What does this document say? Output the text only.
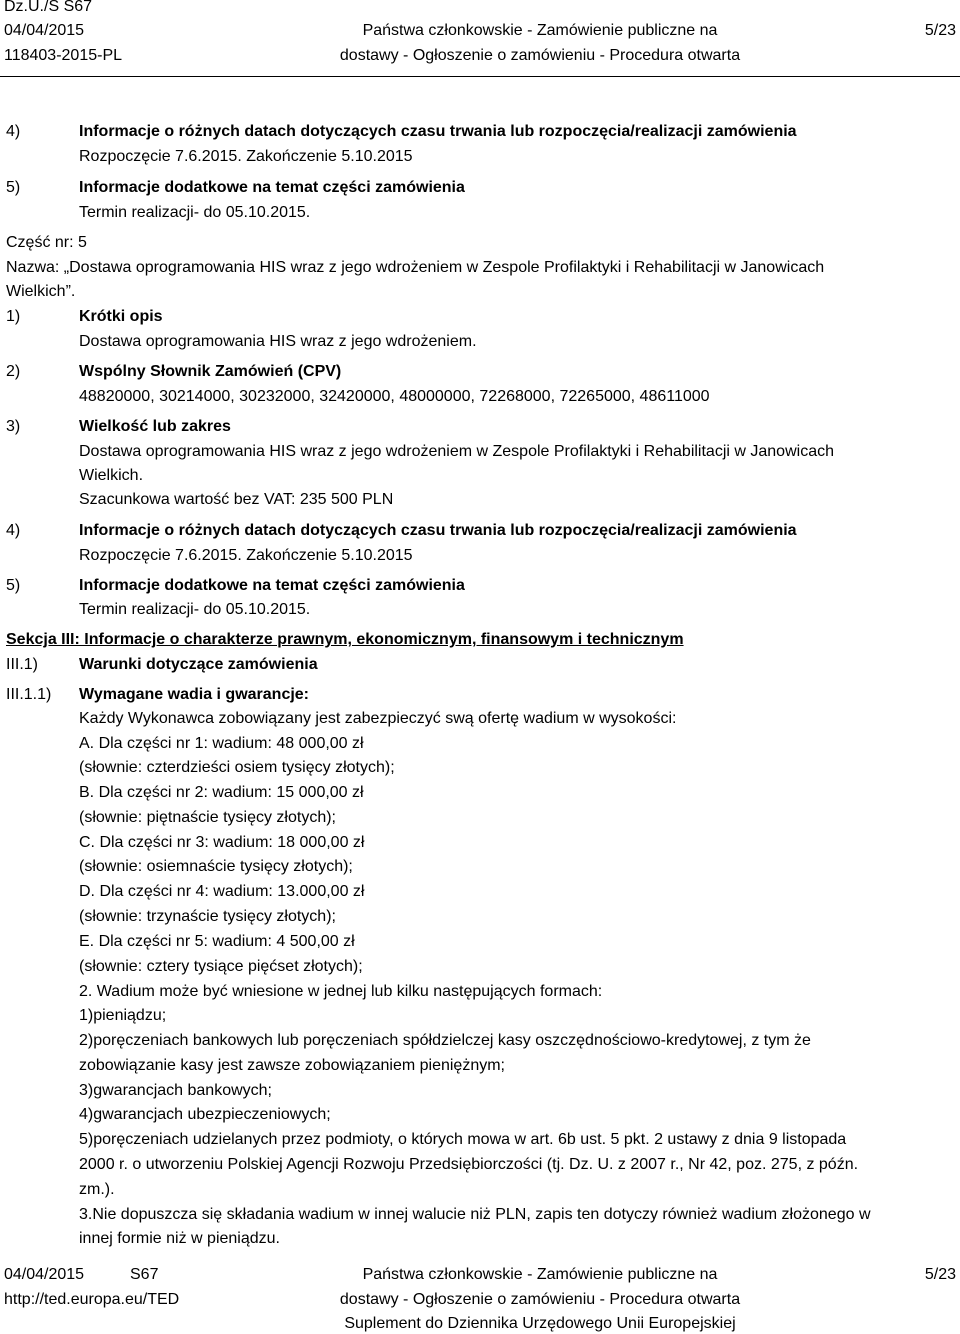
Dz.U./S S67
04/04/2015
118403-2015-PL
Państwa członkowskie - Zamówienie publiczne na
dostawy - Ogłoszenie o zamówieniu - Procedura otwarta
5/23
4)	Informacje o różnych datach dotyczących czasu trwania lub rozpoczęcia/realizacji zamówienia
Rozpoczęcie 7.6.2015. Zakończenie 5.10.2015
5)	Informacje dodatkowe na temat części zamówienia
Termin realizacji- do 05.10.2015.
Część nr: 5
Nazwa: „Dostawa oprogramowania HIS wraz z jego wdrożeniem w Zespole Profilaktyki i Rehabilitacji w Janowicach
Wielkich”.
1)	Krótki opis
Dostawa oprogramowania HIS wraz z jego wdrożeniem.
2)	Wspólny Słownik Zamówień (CPV)
48820000, 30214000, 30232000, 32420000, 48000000, 72268000, 72265000, 48611000
3)	Wielkość lub zakres
Dostawa oprogramowania HIS wraz z jego wdrożeniem w Zespole Profilaktyki i Rehabilitacji w Janowicach
Wielkich.
Szacunkowa wartość bez VAT: 235 500 PLN
4)	Informacje o różnych datach dotyczących czasu trwania lub rozpoczęcia/realizacji zamówienia
Rozpoczęcie 7.6.2015. Zakończenie 5.10.2015
5)	Informacje dodatkowe na temat części zamówienia
Termin realizacji- do 05.10.2015.
Sekcja III: Informacje o charakterze prawnym, ekonomicznym, finansowym i technicznym
III.1)	Warunki dotyczące zamówienia
III.1.1) Wymagane wadia i gwarancje:
Każdy Wykonawca zobowiązany jest zabezpieczyć swą ofertę wadium w wysokości:
A. Dla części nr 1: wadium: 48 000,00 zł
(słownie: czterdzieści osiem tysięcy złotych);
B. Dla części nr 2: wadium: 15 000,00 zł
(słownie: piętnaście tysięcy złotych);
C. Dla części nr 3: wadium: 18 000,00 zł
(słownie: osiemnaście tysięcy złotych);
D. Dla części nr 4: wadium: 13.000,00 zł
(słownie: trzynaście tysięcy złotych);
E. Dla części nr 5: wadium: 4 500,00 zł
(słownie: cztery tysiące pięćset złotych);
2. Wadium może być wniesione w jednej lub kilku następujących formach:
1)pieniądzu;
2)poręczeniach bankowych lub poręczeniach spółdzielczej kasy oszczędnościowo-kredytowej, z tym że
zobowiązanie kasy jest zawsze zobowiązaniem pieniężnym;
3)gwarancjach bankowych;
4)gwarancjach ubezpieczeniowych;
5)poręczeniach udzielanych przez podmioty, o których mowa w art. 6b ust. 5 pkt. 2 ustawy z dnia 9 listopada
2000 r. o utworzeniu Polskiej Agencji Rozwoju Przedsiębiorczości (tj. Dz. U. z 2007 r., Nr 42, poz. 275, z późn.
zm.).
3.Nie dopuszcza się składania wadium w innej walucie niż PLN, zapis ten dotyczy również wadium złożonego w
innej formie niż w pieniądzu.
04/04/2015	S67
http://ted.europa.eu/TED
Państwa członkowskie - Zamówienie publiczne na
dostawy - Ogłoszenie o zamówieniu - Procedura otwarta
Suplement do Dziennika Urzędowego Unii Europejskiej
5/23
